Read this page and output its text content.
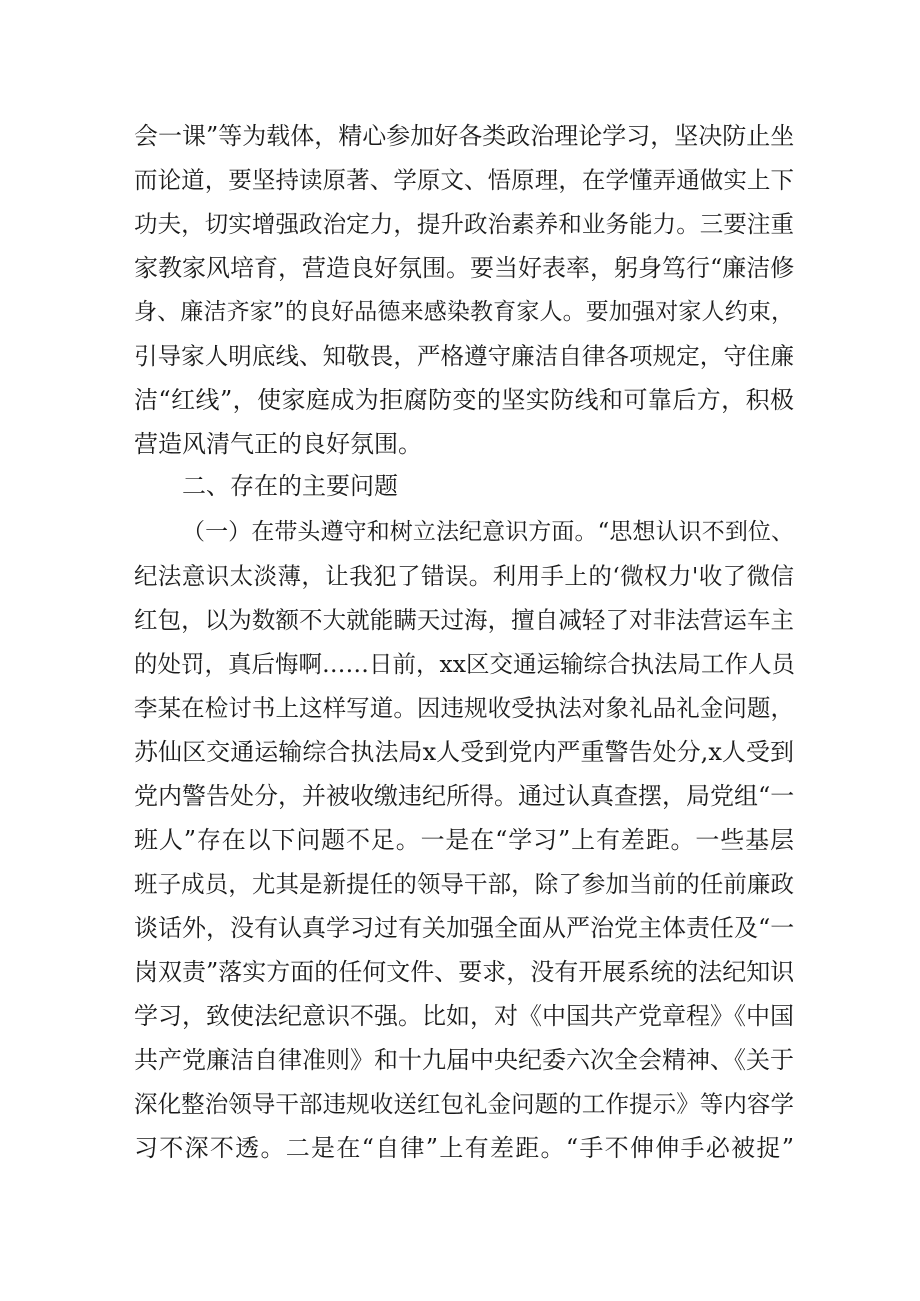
会一课”等为载体，精心参加好各类政治理论学习，坚决防止坐
而论道，要坚持读原著、学原文、悟原理，在学懂弄通做实上下
功夫，切实增强政治定力，提升政治素养和业务能力。三要注重
家教家风培育，营造良好氛围。要当好表率，躬身笃行“廉洁修
身、廉洁齐家”的良好品德来感染教育家人。要加强对家人约束，
引导家人明底线、知敬畏，严格遵守廉洁自律各项规定，守住廉
洁“红线”，使家庭成为拒腐防变的坚实防线和可靠后方，积极
营造风清气正的良好氛围。
二、存在的主要问题
（一）在带头遵守和树立法纪意识方面。“思想认识不到位、
纪法意识太淡薄，让我犯了错误。利用手上的‘微权力'收了微信
红包，以为数额不大就能瞒天过海，擅自减轻了对非法营运车主
的处罚，真后悔啊……日前，xx区交通运输综合执法局工作人员
李某在检讨书上这样写道。因违规收受执法对象礼品礼金问题，
苏仙区交通运输综合执法局x人受到党内严重警告处分,x人受到
党内警告处分，并被收缴违纪所得。通过认真查摆，局党组“一
班人”存在以下问题不足。一是在“学习”上有差距。一些基层
班子成员，尤其是新提任的领导干部，除了参加当前的任前廉政
谈话外，没有认真学习过有关加强全面从严治党主体责任及“一
岗双责”落实方面的任何文件、要求，没有开展系统的法纪知识
学习，致使法纪意识不强。比如，对《中国共产党章程》《中国
共产党廉洁自律准则》和十九届中央纪委六次全会精神、《关于
深化整治领导干部违规收送红包礼金问题的工作提示》等内容学
习不深不透。二是在“自律”上有差距。“手不伸伸手必被捉”
